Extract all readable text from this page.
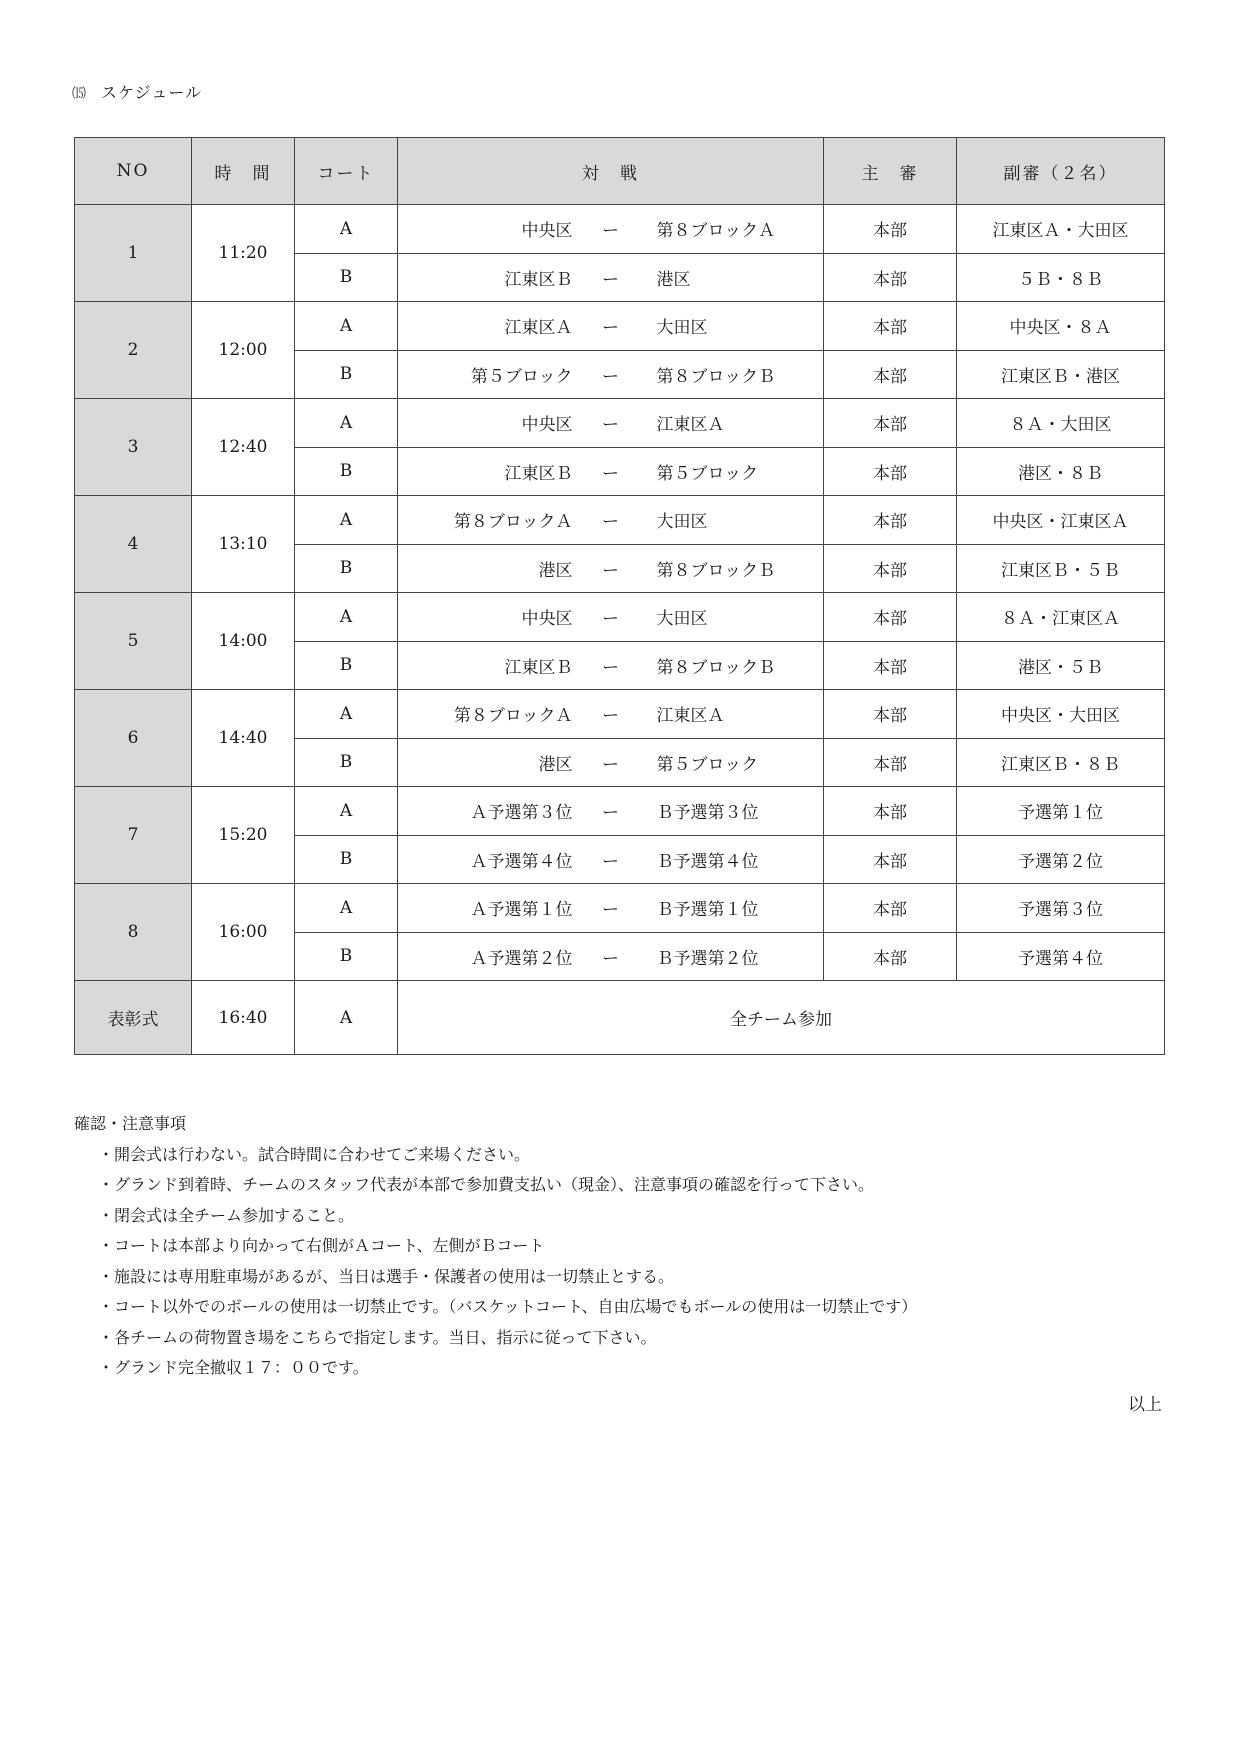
⒂ スケジュール
NO	時　間	コート	対　戦	主　審	副審（２名）
1	11:20	A	中央区 ー 第８ブロックＡ	本部	江東区Ａ・大田区
		B	江東区Ｂ ー 港区	本部	５Ｂ・８Ｂ
2	12:00	A	江東区Ａ ー 大田区	本部	中央区・８Ａ
		B	第５ブロック ー 第８ブロックＢ	本部	江東区Ｂ・港区
3	12:40	A	中央区 ー 江東区Ａ	本部	８Ａ・大田区
		B	江東区Ｂ ー 第５ブロック	本部	港区・８Ｂ
4	13:10	A	第８ブロックＡ ー 大田区	本部	中央区・江東区Ａ
		B	港区 ー 第８ブロックＢ	本部	江東区Ｂ・５Ｂ
5	14:00	A	中央区 ー 大田区	本部	８Ａ・江東区Ａ
		B	江東区Ｂ ー 第８ブロックＢ	本部	港区・５Ｂ
6	14:40	A	第８ブロックＡ ー 江東区Ａ	本部	中央区・大田区
		B	港区 ー 第５ブロック	本部	江東区Ｂ・８Ｂ
7	15:20	A	Ａ予選第３位 ー Ｂ予選第３位	本部	予選第１位
		B	Ａ予選第４位 ー Ｂ予選第４位	本部	予選第２位
8	16:00	A	Ａ予選第１位 ー Ｂ予選第１位	本部	予選第３位
		B	Ａ予選第２位 ー Ｂ予選第２位	本部	予選第４位
表彰式	16:40	A	全チーム参加		
確認・注意事項
・開会式は行わない。試合時間に合わせてご来場ください。
・グランド到着時、チームのスタッフ代表が本部で参加費支払い（現金）、注意事項の確認を行って下さい。
・閉会式は全チーム参加すること。
・コートは本部より向かって右側がＡコート、左側がＢコート
・施設には専用駐車場があるが、当日は選手・保護者の使用は一切禁止とする。
・コート以外でのボールの使用は一切禁止です。（バスケットコート、自由広場でもボールの使用は一切禁止です）
・各チームの荷物置き場をこちらで指定します。当日、指示に従って下さい。
・グランド完全撤収１７：００です。
以上
